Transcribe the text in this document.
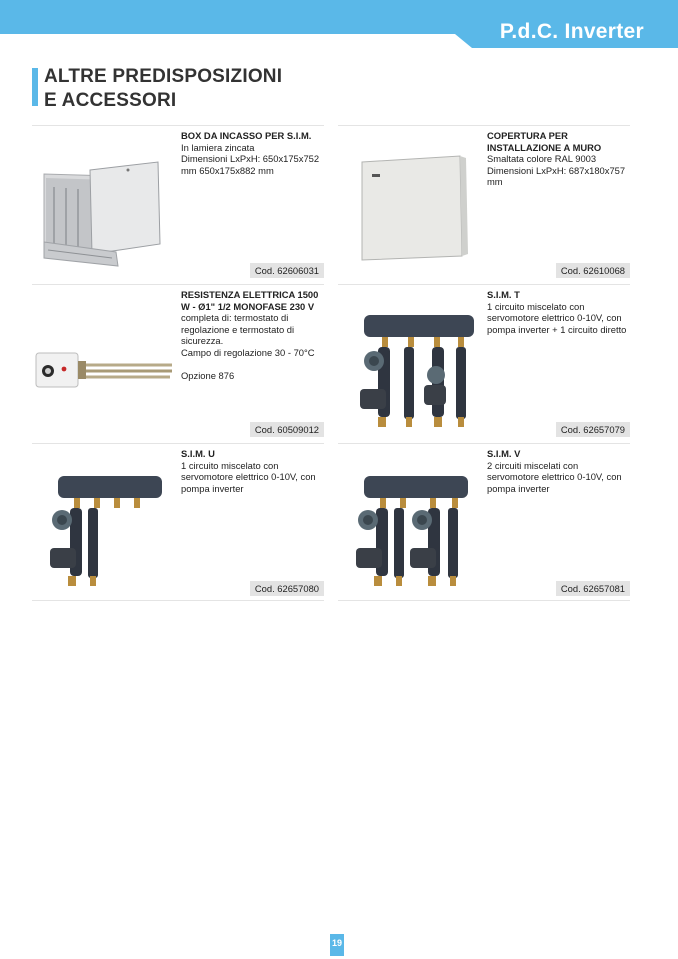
P.d.C. Inverter
ALTRE PREDISPOSIZIONI
E ACCESSORI
BOX DA INCASSO PER S.I.M.
In lamiera zincata
Dimensioni LxPxH: 650x175x752
mm 650x175x882 mm
Cod. 62606031
COPERTURA PER INSTALLAZIONE A MURO
Smaltata colore RAL 9003
Dimensioni LxPxH: 687x180x757 mm
Cod. 62610068
RESISTENZA ELETTRICA 1500 W - Ø1" 1/2 MONOFASE 230 V
completa di: termostato di regolazione e termostato di sicurezza.
Campo di regolazione 30 - 70°C
Opzione 876
Cod. 60509012
S.I.M. T
1 circuito miscelato con servomotore elettrico 0-10V, con pompa inverter + 1 circuito diretto
Cod. 62657079
S.I.M. U
1 circuito miscelato con servomotore elettrico 0-10V, con pompa inverter
Cod. 62657080
S.I.M. V
2 circuiti miscelati con servomotore elettrico 0-10V, con pompa inverter
Cod. 62657081
19
